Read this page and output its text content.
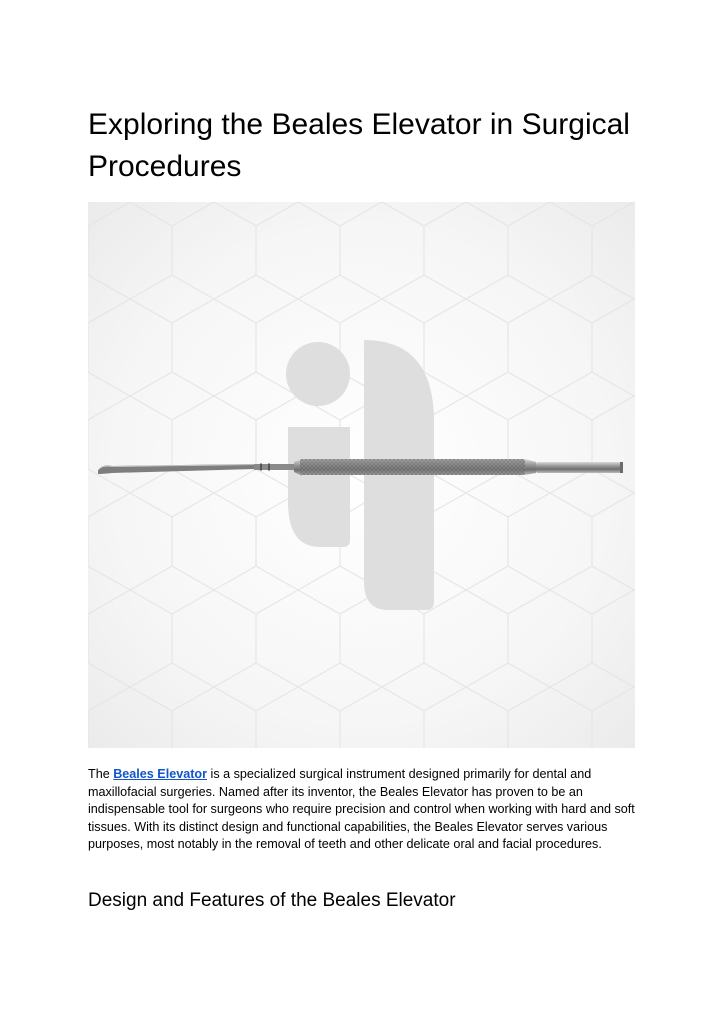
Exploring the Beales Elevator in Surgical Procedures

The Beales Elevator is a specialized surgical instrument designed primarily for dental and maxillofacial surgeries. Named after its inventor, the Beales Elevator has proven to be an indispensable tool for surgeons who require precision and control when working with hard and soft tissues. With its distinct design and functional capabilities, the Beales Elevator serves various purposes, most notably in the removal of teeth and other delicate oral and facial procedures.

Design and Features of the Beales Elevator
